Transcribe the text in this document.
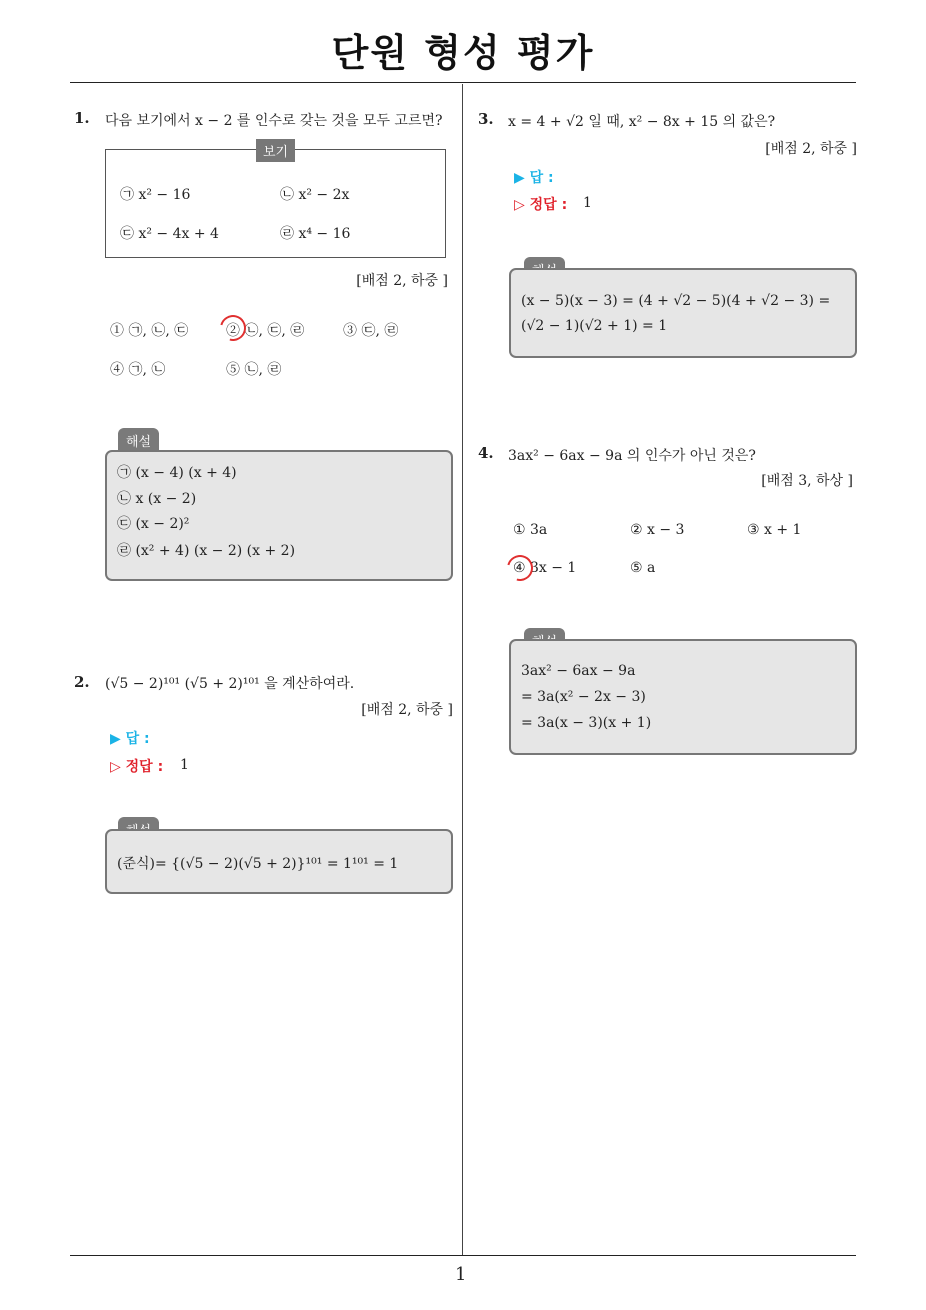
단원 형성 평가
1. 다음 보기에서 x − 2 를 인수로 갖는 것을 모두 고르면?
보기
㉠ x² − 16	㉡ x² − 2x
㉢ x² − 4x + 4	㉣ x⁴ − 16
[배점 2, 하중 ]
① ㉠, ㉡, ㉢	② ㉡, ㉢, ㉣	③ ㉢, ㉣
④ ㉠, ㉡	⑤ ㉡, ㉣
해설
㉠ (x − 4) (x + 4)
㉡ x (x − 2)
㉢ (x − 2)²
㉣ (x² + 4) (x − 2) (x + 2)
2. (√5 − 2)¹⁰¹ (√5 + 2)¹⁰¹ 을 계산하여라.
[배점 2, 하중 ]
▶ 답 :
▷ 정답 : 1
(준식)= {(√5 − 2)(√5 + 2)}¹⁰¹ = 1¹⁰¹ = 1
3. x = 4 + √2 일 때, x² − 8x + 15 의 값은?
[배점 2, 하중 ]
▶ 답 :
▷ 정답 : 1
(x − 5)(x − 3) = (4 + √2 − 5)(4 + √2 − 3) =
(√2 − 1)(√2 + 1) = 1
4. 3ax² − 6ax − 9a 의 인수가 아닌 것은?
[배점 3, 하상 ]
① 3a	② x − 3	③ x + 1
④ 3x − 1	⑤ a
3ax² − 6ax − 9a
= 3a(x² − 2x − 3)
= 3a(x − 3)(x + 1)
1
